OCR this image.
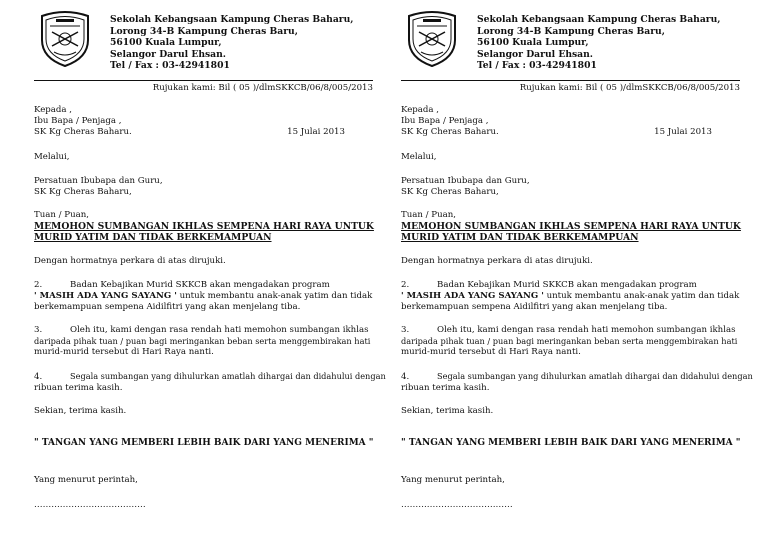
Sekolah Kebangsaan Kampung Cheras Baharu,
Lorong 34-B Kampung Cheras Baru,
56100 Kuala Lumpur,
Selangor Darul Ehsan.
Tel / Fax : 03-42941801
Rujukan kami: Bil ( 05 )/dlmSKKCB/06/8/005/2013
Kepada ,
Ibu Bapa / Penjaga ,
SK Kg Cheras Baharu.	15 Julai 2013
Melalui,
Persatuan Ibubapa dan Guru,
SK Kg Cheras Baharu,
Tuan / Puan,
MEMOHON SUMBANGAN IKHLAS SEMPENA HARI RAYA UNTUK
MURID YATIM DAN TIDAK BERKEMAMPUAN
Dengan hormatnya perkara di atas dirujuki.
2.	Badan Kebajikan Murid SKKCB akan mengadakan program
' MASIH ADA YANG SAYANG ' untuk membantu anak-anak yatim dan tidak
berkemampuan sempena Aidilfitri yang akan menjelang tiba.
3.	Oleh itu, kami dengan rasa rendah hati memohon sumbangan ikhlas
daripada pihak tuan / puan bagi meringankan beban serta menggembirakan hati
murid-murid tersebut di Hari Raya nanti.
4.	Segala sumbangan yang dihulurkan amatlah dihargai dan didahului dengan
ribuan terima kasih.
Sekian, terima kasih.
" TANGAN YANG MEMBERI LEBIH BAIK DARI YANG MENERIMA "
Yang menurut perintah,
…………………………………
Sekolah Kebangsaan Kampung Cheras Baharu,
Lorong 34-B Kampung Cheras Baru,
56100 Kuala Lumpur,
Selangor Darul Ehsan.
Tel / Fax : 03-42941801
Rujukan kami: Bil ( 05 )/dlmSKKCB/06/8/005/2013
Kepada ,
Ibu Bapa / Penjaga ,
SK Kg Cheras Baharu.	15 Julai 2013
Melalui,
Persatuan Ibubapa dan Guru,
SK Kg Cheras Baharu,
Tuan / Puan,
MEMOHON SUMBANGAN IKHLAS SEMPENA HARI RAYA UNTUK
MURID YATIM DAN TIDAK BERKEMAMPUAN
Dengan hormatnya perkara di atas dirujuki.
2.	Badan Kebajikan Murid SKKCB akan mengadakan program
' MASIH ADA YANG SAYANG ' untuk membantu anak-anak yatim dan tidak
berkemampuan sempena Aidilfitri yang akan menjelang tiba.
3.	Oleh itu, kami dengan rasa rendah hati memohon sumbangan ikhlas
daripada pihak tuan / puan bagi meringankan beban serta menggembirakan hati
murid-murid tersebut di Hari Raya nanti.
4.	Segala sumbangan yang dihulurkan amatlah dihargai dan didahului dengan
ribuan terima kasih.
Sekian, terima kasih.
" TANGAN YANG MEMBERI LEBIH BAIK DARI YANG MENERIMA "
Yang menurut perintah,
…………………………………
